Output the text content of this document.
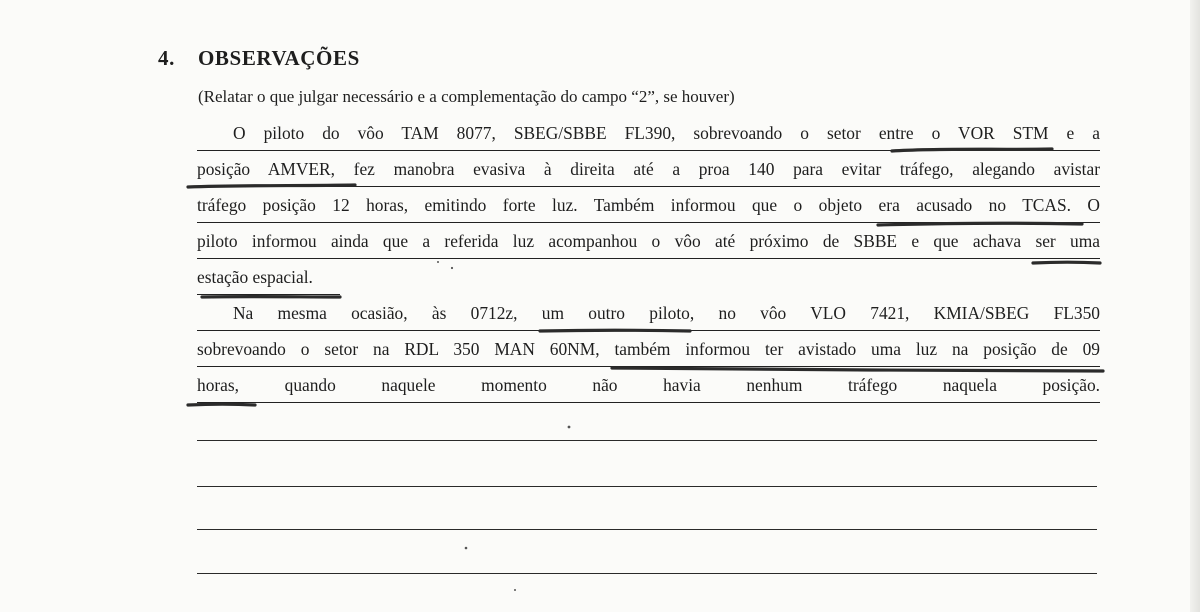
4. OBSERVAÇÕES

(Relatar o que julgar necessário e a complementação do campo “2”, se houver)

O piloto do vôo TAM 8077, SBEG/SBBE FL390, sobrevoando o setor entre o VOR STM e a
posição AMVER, fez manobra evasiva à direita até a proa 140 para evitar tráfego, alegando avistar
tráfego posição 12 horas, emitindo forte luz. Também informou que o objeto era acusado no TCAS. O
piloto informou ainda que a referida luz acompanhou o vôo até próximo de SBBE e que achava ser uma
estação espacial.
Na mesma ocasião, às 0712z, um outro piloto, no vôo VLO 7421, KMIA/SBEG FL350
sobrevoando o setor na RDL 350 MAN 60NM, também informou ter avistado uma luz na posição de 09
horas, quando naquele momento não havia nenhum tráfego naquela posição.
